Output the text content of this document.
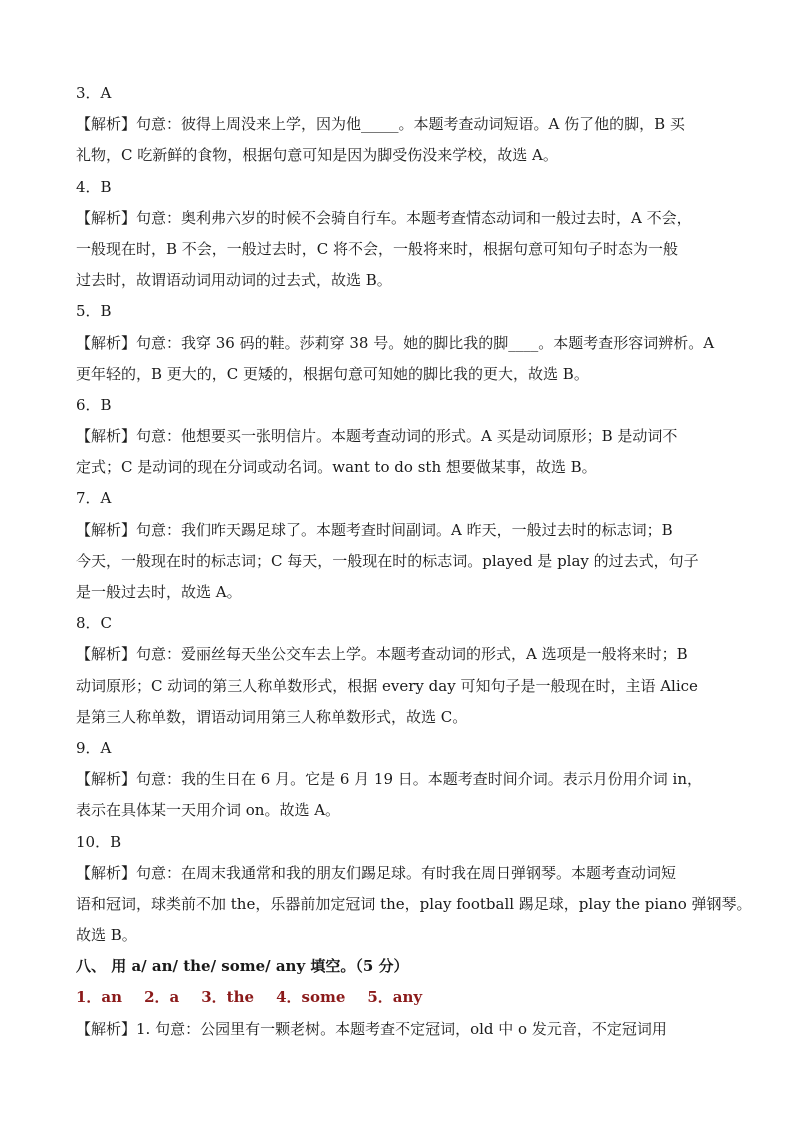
3．A
【解析】句意：彼得上周没来上学，因为他_____。本题考查动词短语。A 伤了他的脚，B 买
礼物，C 吃新鲜的食物，根据句意可知是因为脚受伤没来学校，故选 A。
4．B
【解析】句意：奥利弗六岁的时候不会骑自行车。本题考查情态动词和一般过去时，A 不会，
一般现在时，B 不会，一般过去时，C 将不会，一般将来时，根据句意可知句子时态为一般
过去时，故谓语动词用动词的过去式，故选 B。
5．B
【解析】句意：我穿 36 码的鞋。莎莉穿 38 号。她的脚比我的脚____。本题考查形容词辨析。A
更年轻的，B 更大的，C 更矮的，根据句意可知她的脚比我的更大，故选 B。
6．B
【解析】句意：他想要买一张明信片。本题考查动词的形式。A 买是动词原形；B 是动词不
定式；C 是动词的现在分词或动名词。want to do sth 想要做某事，故选 B。
7．A
【解析】句意：我们昨天踢足球了。本题考查时间副词。A 昨天，一般过去时的标志词；B
今天，一般现在时的标志词；C 每天，一般现在时的标志词。played 是 play 的过去式，句子
是一般过去时，故选 A。
8．C
【解析】句意：爱丽丝每天坐公交车去上学。本题考查动词的形式，A 选项是一般将来时；B
动词原形；C 动词的第三人称单数形式，根据 every day 可知句子是一般现在时，主语 Alice
是第三人称单数，谓语动词用第三人称单数形式，故选 C。
9．A
【解析】句意：我的生日在 6 月。它是 6 月 19 日。本题考查时间介词。表示月份用介词 in，
表示在具体某一天用介词 on。故选 A。
10．B
【解析】句意：在周末我通常和我的朋友们踢足球。有时我在周日弹钢琴。本题考查动词短
语和冠词，球类前不加 the，乐器前加定冠词 the，play football 踢足球，play the piano 弹钢琴。
故选 B。
八、 用 a/ an/ the/ some/ any 填空。（5 分）
1．an 2．a 3．the 4．some 5．any
【解析】1. 句意：公园里有一颗老树。本题考查不定冠词，old 中 o 发元音，不定冠词用
